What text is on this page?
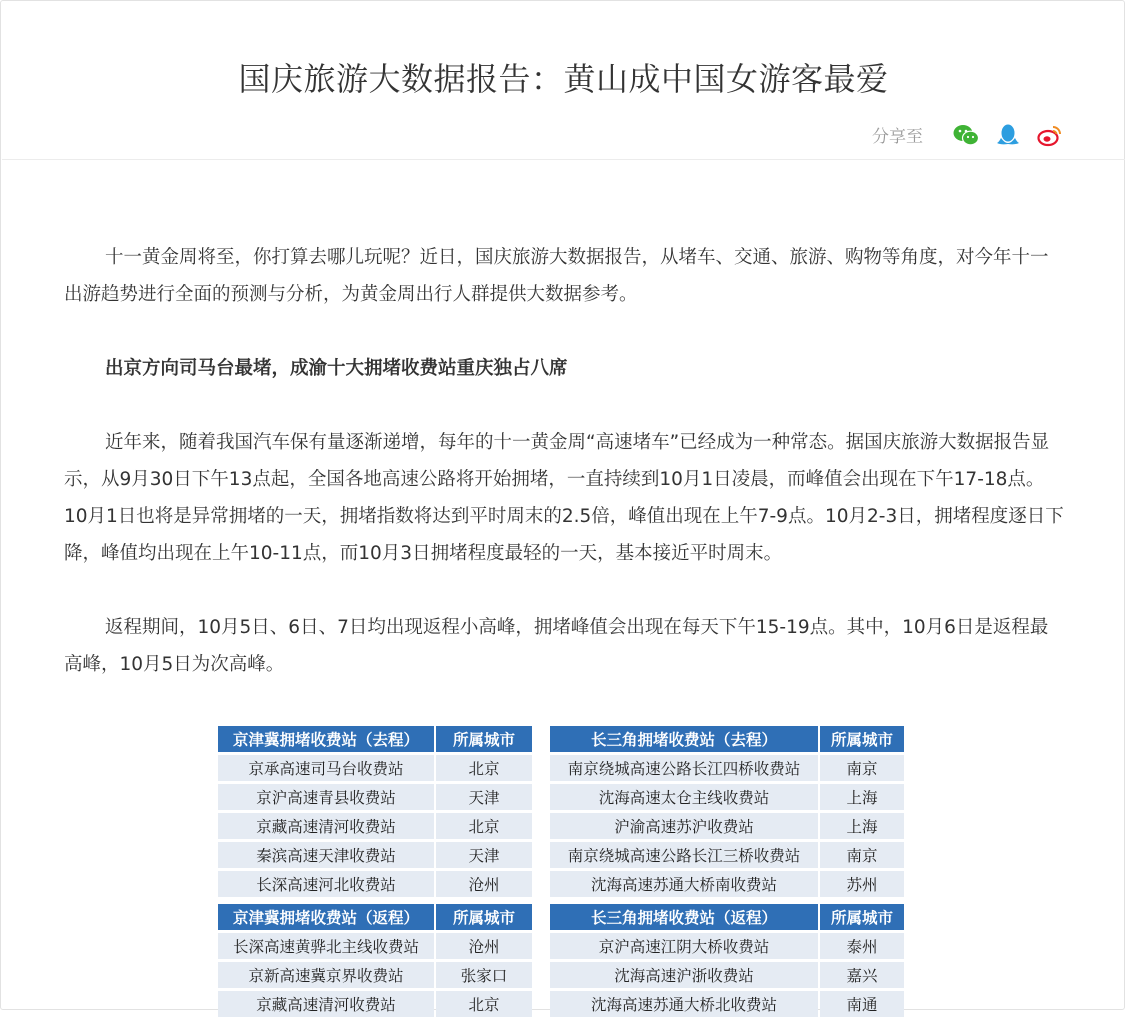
国庆旅游大数据报告：黄山成中国女游客最爱
分享至

十一黄金周将至，你打算去哪儿玩呢？近日，国庆旅游大数据报告，从堵车、交通、旅游、购物等角度，对今年十一出游趋势进行全面的预测与分析，为黄金周出行人群提供大数据参考。

出京方向司马台最堵，成渝十大拥堵收费站重庆独占八席

近年来，随着我国汽车保有量逐渐递增，每年的十一黄金周“高速堵车”已经成为一种常态。据国庆旅游大数据报告显示，从9月30日下午13点起，全国各地高速公路将开始拥堵，一直持续到10月1日凌晨，而峰值会出现在下午17-18点。10月1日也将是异常拥堵的一天，拥堵指数将达到平时周末的2.5倍，峰值出现在上午7-9点。10月2-3日，拥堵程度逐日下降，峰值均出现在上午10-11点，而10月3日拥堵程度最轻的一天，基本接近平时周末。

返程期间，10月5日、6日、7日均出现返程小高峰，拥堵峰值会出现在每天下午15-19点。其中，10月6日是返程最高峰，10月5日为次高峰。

京津冀拥堵收费站（去程）	所属城市
京承高速司马台收费站	北京
京沪高速青县收费站	天津
京藏高速清河收费站	北京
秦滨高速天津收费站	天津
长深高速河北收费站	沧州
长三角拥堵收费站（去程）	所属城市
南京绕城高速公路长江四桥收费站	南京
沈海高速太仓主线收费站	上海
沪渝高速苏沪收费站	上海
南京绕城高速公路长江三桥收费站	南京
沈海高速苏通大桥南收费站	苏州
京津冀拥堵收费站（返程）	所属城市
长深高速黄骅北主线收费站	沧州
京新高速冀京界收费站	张家口
京藏高速清河收费站	北京
长三角拥堵收费站（返程）	所属城市
京沪高速江阴大桥收费站	泰州
沈海高速沪浙收费站	嘉兴
沈海高速苏通大桥北收费站	南通
